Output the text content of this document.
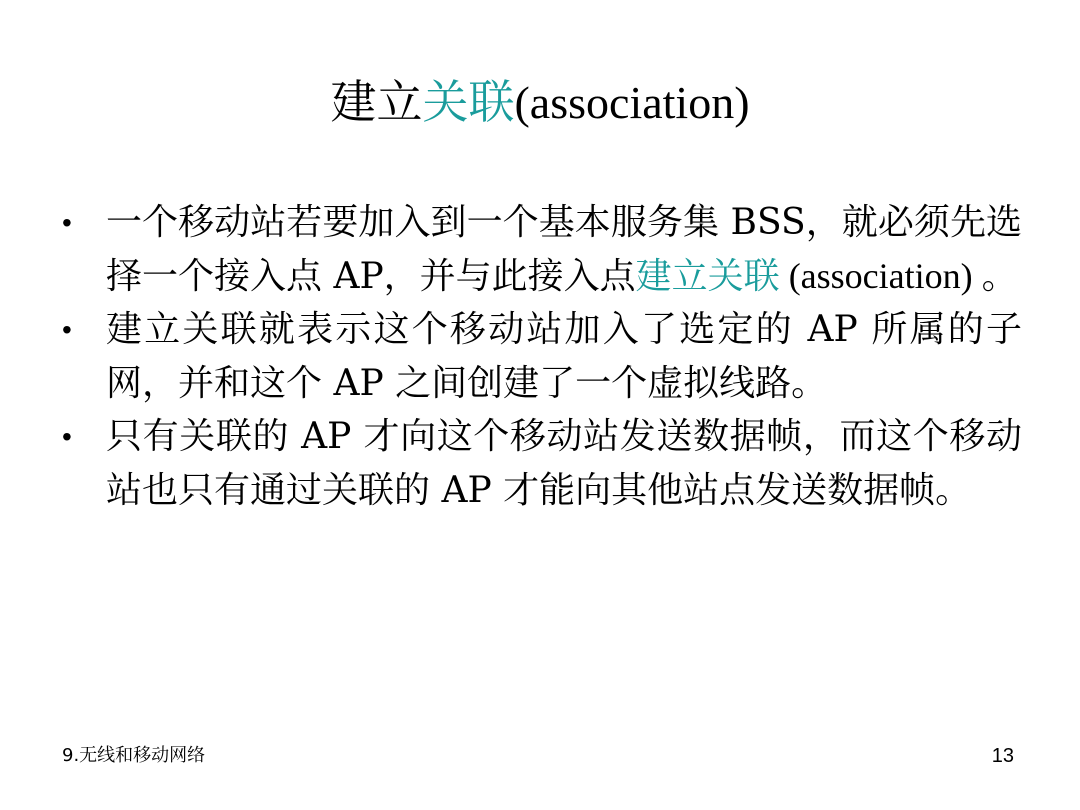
建立关联(association)
• 一个移动站若要加入到一个基本服务集 BSS，就必须先选择一个接入点 AP，并与此接入点建立关联 (association) 。
• 建立关联就表示这个移动站加入了选定的 AP 所属的子网，并和这个 AP 之间创建了一个虚拟线路。
• 只有关联的 AP 才向这个移动站发送数据帧，而这个移动站也只有通过关联的 AP 才能向其他站点发送数据帧。
9.无线和移动网络	13
